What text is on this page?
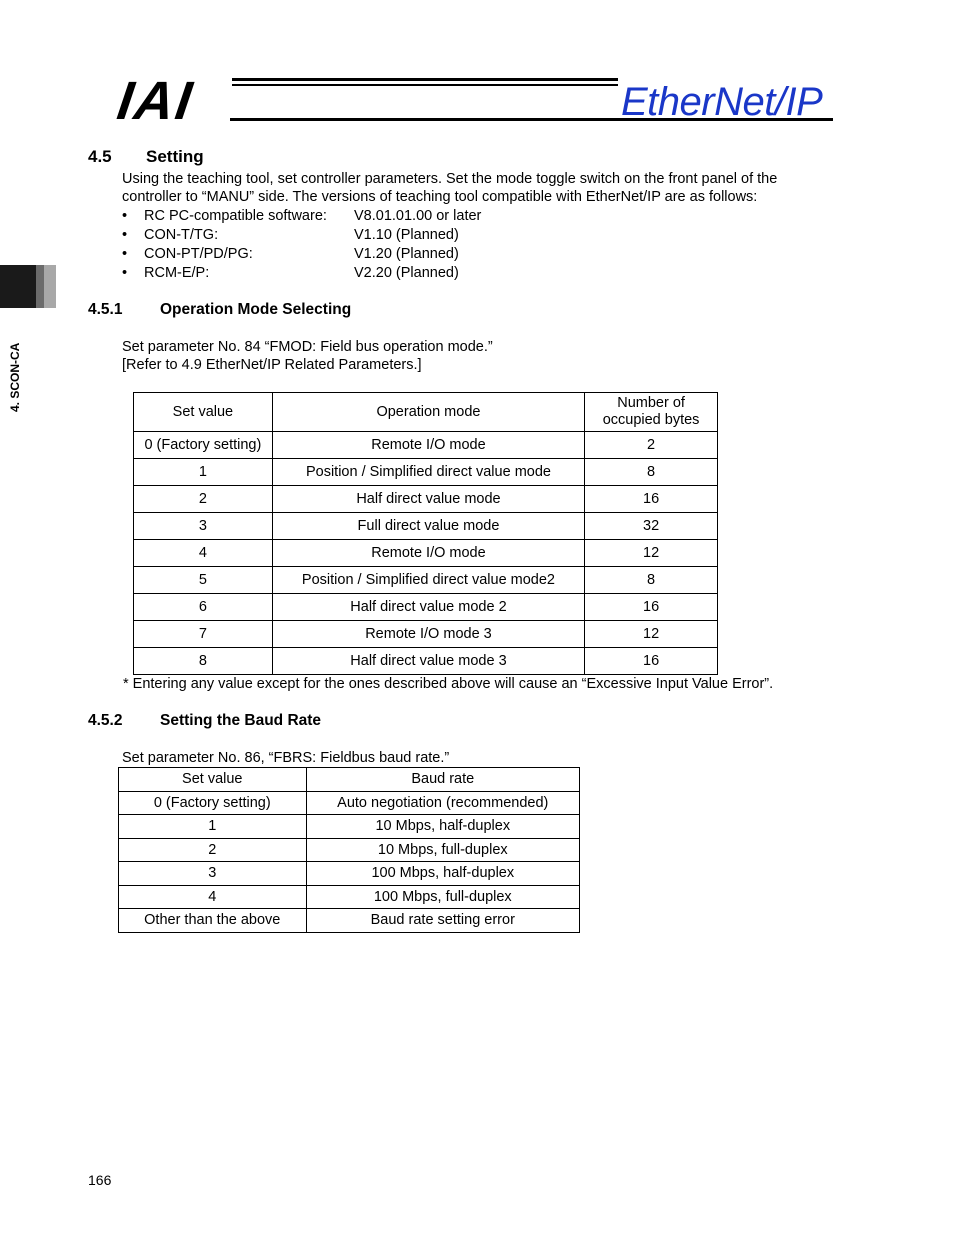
IAI	EtherNet/IP
4. SCON-CA
4.5 Setting
Using the teaching tool, set controller parameters. Set the mode toggle switch on the front panel of the
controller to “MANU” side. The versions of teaching tool compatible with EtherNet/IP are as follows:
• RC PC-compatible software: V8.01.01.00 or later
• CON-T/TG:	V1.10 (Planned)
• CON-PT/PD/PG:	V1.20 (Planned)
• RCM-E/P:	V2.20 (Planned)
4.5.1 Operation Mode Selecting
Set parameter No. 84 “FMOD: Field bus operation mode.”
[Refer to 4.9 EtherNet/IP Related Parameters.]
Set value	Operation mode	Number of
occupied bytes
0 (Factory setting)	Remote I/O mode	2
1	Position / Simplified direct value mode	8
2	Half direct value mode	16
3	Full direct value mode	32
4	Remote I/O mode	12
5	Position / Simplified direct value mode2	8
6	Half direct value mode 2	16
7	Remote I/O mode 3	12
8	Half direct value mode 3	16
* Entering any value except for the ones described above will cause an “Excessive Input Value Error”.
4.5.2 Setting the Baud Rate
Set parameter No. 86, “FBRS: Fieldbus baud rate.”
Set value	Baud rate
0 (Factory setting)	Auto negotiation (recommended)
1	10 Mbps, half-duplex
2	10 Mbps, full-duplex
3	100 Mbps, half-duplex
4	100 Mbps, full-duplex
Other than the above	Baud rate setting error
166
